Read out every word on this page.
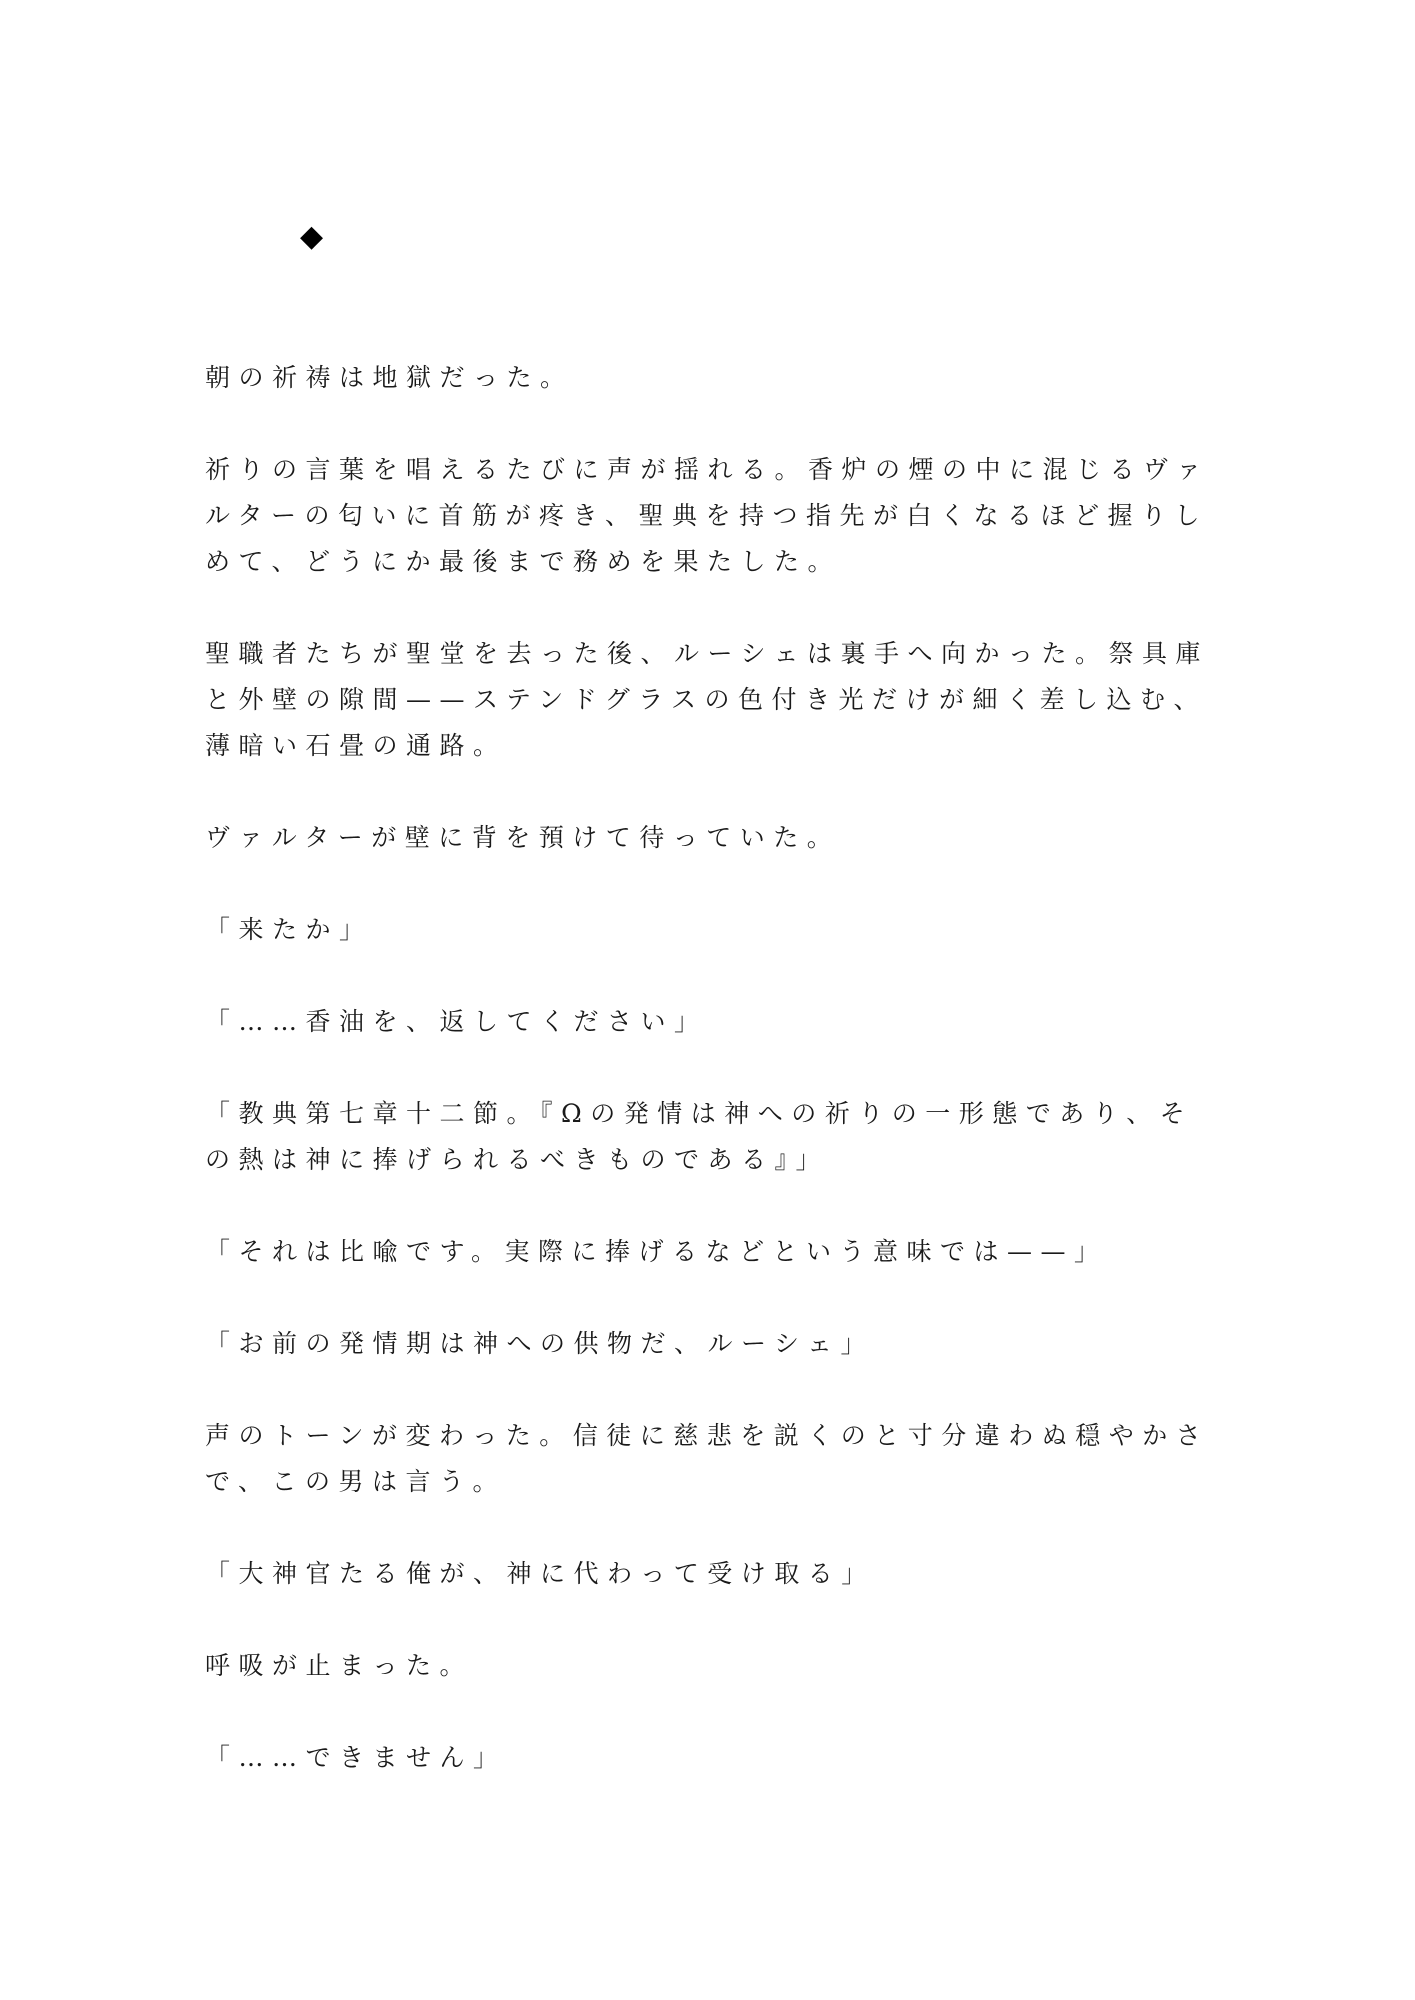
◆

朝の祈祷は地獄だった。

祈りの言葉を唱えるたびに声が揺れる。香炉の煙の中に混じるヴァ
ルターの匂いに首筋が疼き、聖典を持つ指先が白くなるほど握りし
めて、どうにか最後まで務めを果たした。

聖職者たちが聖堂を去った後、ルーシェは裏手へ向かった。祭具庫
と外壁の隙間——ステンドグラスの色付き光だけが細く差し込む、
薄暗い石畳の通路。

ヴァルターが壁に背を預けて待っていた。

「来たか」

「……香油を、返してください」

「教典第七章十二節。『Ωの発情は神への祈りの一形態であり、そ
の熱は神に捧げられるべきものである』」

「それは比喩です。実際に捧げるなどという意味では——」

「お前の発情期は神への供物だ、ルーシェ」

声のトーンが変わった。信徒に慈悲を説くのと寸分違わぬ穏やかさ
で、この男は言う。

「大神官たる俺が、神に代わって受け取る」

呼吸が止まった。

「……できません」
